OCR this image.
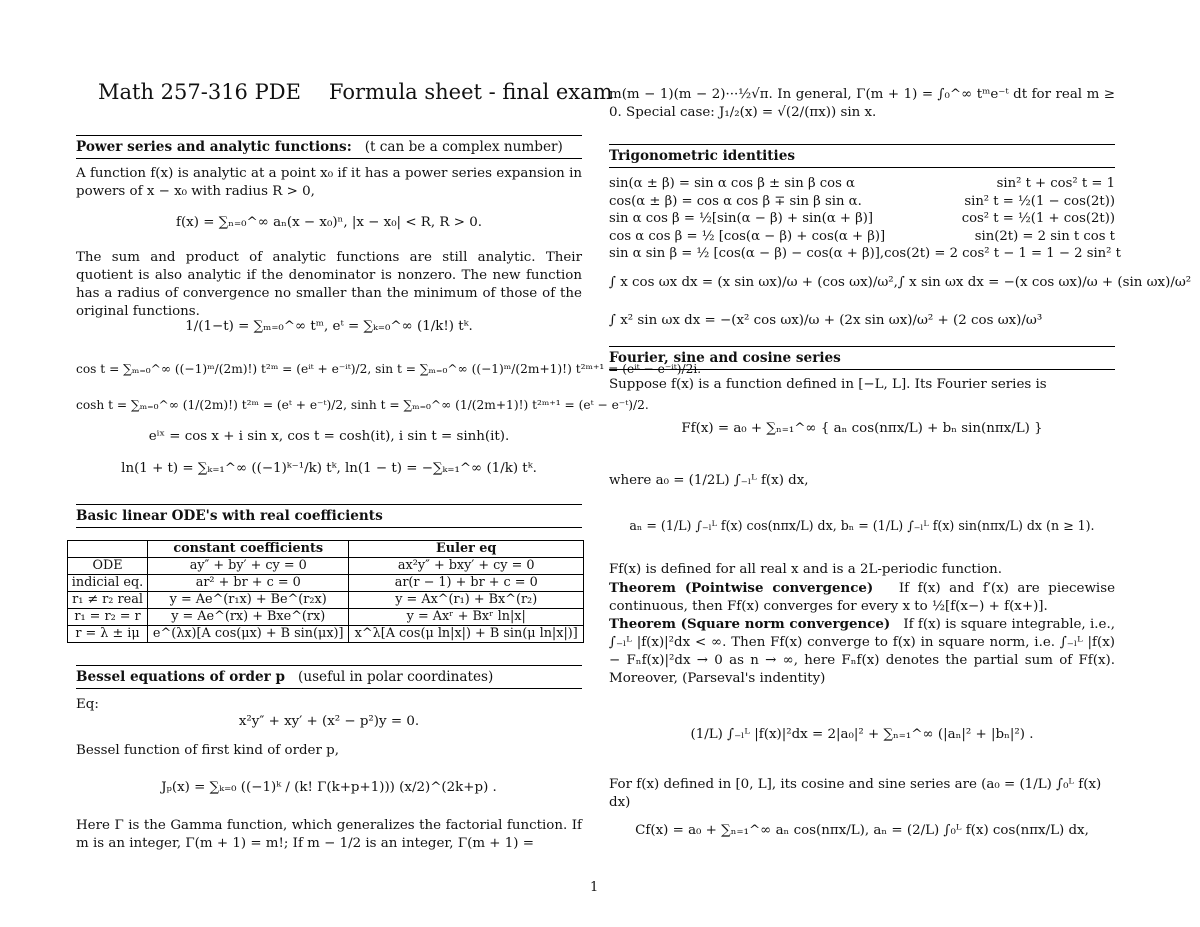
Math 257-316 PDE Formula sheet - final exam
Power series and analytic functions: (t can be a complex number)
A function f(x) is analytic at a point x₀ if it has a power series expansion in powers of x − x₀ with radius R > 0,
f(x) = ∑ₙ₌₀^∞ aₙ(x − x₀)ⁿ, |x − x₀| < R, R > 0.
The sum and product of analytic functions are still analytic. Their quotient is also analytic if the denominator is nonzero. The new function has a radius of convergence no smaller than the minimum of those of the original functions.
1/(1−t) = ∑ₘ₌₀^∞ tᵐ, eᵗ = ∑ₖ₌₀^∞ (1/k!) tᵏ.
cos t = ∑ₘ₌₀^∞ ((−1)ᵐ/(2m)!) t²ᵐ = (eⁱᵗ + e⁻ⁱᵗ)/2, sin t = ∑ₘ₌₀^∞ ((−1)ᵐ/(2m+1)!) t²ᵐ⁺¹ = (eⁱᵗ − e⁻ⁱᵗ)/2i.
cosh t = ∑ₘ₌₀^∞ (1/(2m)!) t²ᵐ = (eᵗ + e⁻ᵗ)/2, sinh t = ∑ₘ₌₀^∞ (1/(2m+1)!) t²ᵐ⁺¹ = (eᵗ − e⁻ᵗ)/2.
eⁱˣ = cos x + i sin x, cos t = cosh(it), i sin t = sinh(it).
ln(1 + t) = ∑ₖ₌₁^∞ ((−1)ᵏ⁻¹/k) tᵏ, ln(1 − t) = −∑ₖ₌₁^∞ (1/k) tᵏ.
Basic linear ODE's with real coefficients
	constant coefficients	Euler eq
ODE	ay″ + by′ + cy = 0	ax²y″ + bxy′ + cy = 0
indicial eq.	ar² + br + c = 0	ar(r − 1) + br + c = 0
r₁ ≠ r₂ real	y = Ae^(r₁x) + Be^(r₂x)	y = Ax^(r₁) + Bx^(r₂)
r₁ = r₂ = r	y = Ae^(rx) + Bxe^(rx)	y = Axʳ + Bxʳ ln|x|
r = λ ± iμ	e^(λx)[A cos(μx) + B sin(μx)]	x^λ[A cos(μ ln|x|) + B sin(μ ln|x|)]
Bessel equations of order p (useful in polar coordinates)
Eq:
x²y″ + xy′ + (x² − p²)y = 0.
Bessel function of first kind of order p,
Jₚ(x) = ∑ₖ₌₀ ((−1)ᵏ / (k! Γ(k+p+1))) (x/2)^(2k+p) .
Here Γ is the Gamma function, which generalizes the factorial function. If m is an integer, Γ(m + 1) = m!; If m − 1/2 is an integer, Γ(m + 1) =
m(m − 1)(m − 2)···½√π. In general, Γ(m + 1) = ∫₀^∞ tᵐe⁻ᵗ dt for real m ≥ 0. Special case: J₁/₂(x) = √(2/(πx)) sin x.
Trigonometric identities
sin(α ± β) = sin α cos β ± sin β cos α	sin² t + cos² t = 1
cos(α ± β) = cos α cos β ∓ sin β sin α.	sin² t = ½(1 − cos(2t))
sin α cos β = ½[sin(α − β) + sin(α + β)]	cos² t = ½(1 + cos(2t))
cos α cos β = ½ [cos(α − β) + cos(α + β)]	sin(2t) = 2 sin t cos t
sin α sin β = ½ [cos(α − β) − cos(α + β)], cos(2t) = 2 cos² t − 1 = 1 − 2 sin² t
∫ x cos ωx dx = (x sin ωx)/ω + (cos ωx)/ω², ∫ x sin ωx dx = −(x cos ωx)/ω + (sin ωx)/ω²
∫ x² sin ωx dx = −(x² cos ωx)/ω + (2x sin ωx)/ω² + (2 cos ωx)/ω³
Fourier, sine and cosine series
Suppose f(x) is a function defined in [−L, L]. Its Fourier series is
Ff(x) = a₀ + ∑ₙ₌₁^∞ { aₙ cos(nπx/L) + bₙ sin(nπx/L) }
where a₀ = (1/2L) ∫₋ₗᴸ f(x) dx,
aₙ = (1/L) ∫₋ₗᴸ f(x) cos(nπx/L) dx, bₙ = (1/L) ∫₋ₗᴸ f(x) sin(nπx/L) dx (n ≥ 1).
Ff(x) is defined for all real x and is a 2L-periodic function.
Theorem (Pointwise convergence) If f(x) and f′(x) are piecewise continuous, then Ff(x) converges for every x to ½[f(x−) + f(x+)].
Theorem (Square norm convergence) If f(x) is square integrable, i.e., ∫₋ₗᴸ |f(x)|²dx < ∞. Then Ff(x) converge to f(x) in square norm, i.e. ∫₋ₗᴸ |f(x) − Fₙf(x)|²dx → 0 as n → ∞, here Fₙf(x) denotes the partial sum of Ff(x). Moreover, (Parseval's indentity)
(1/L) ∫₋ₗᴸ |f(x)|²dx = 2|a₀|² + ∑ₙ₌₁^∞ (|aₙ|² + |bₙ|²) .
For f(x) defined in [0, L], its cosine and sine series are (a₀ = (1/L) ∫₀ᴸ f(x) dx)
Cf(x) = a₀ + ∑ₙ₌₁^∞ aₙ cos(nπx/L), aₙ = (2/L) ∫₀ᴸ f(x) cos(nπx/L) dx,
1
